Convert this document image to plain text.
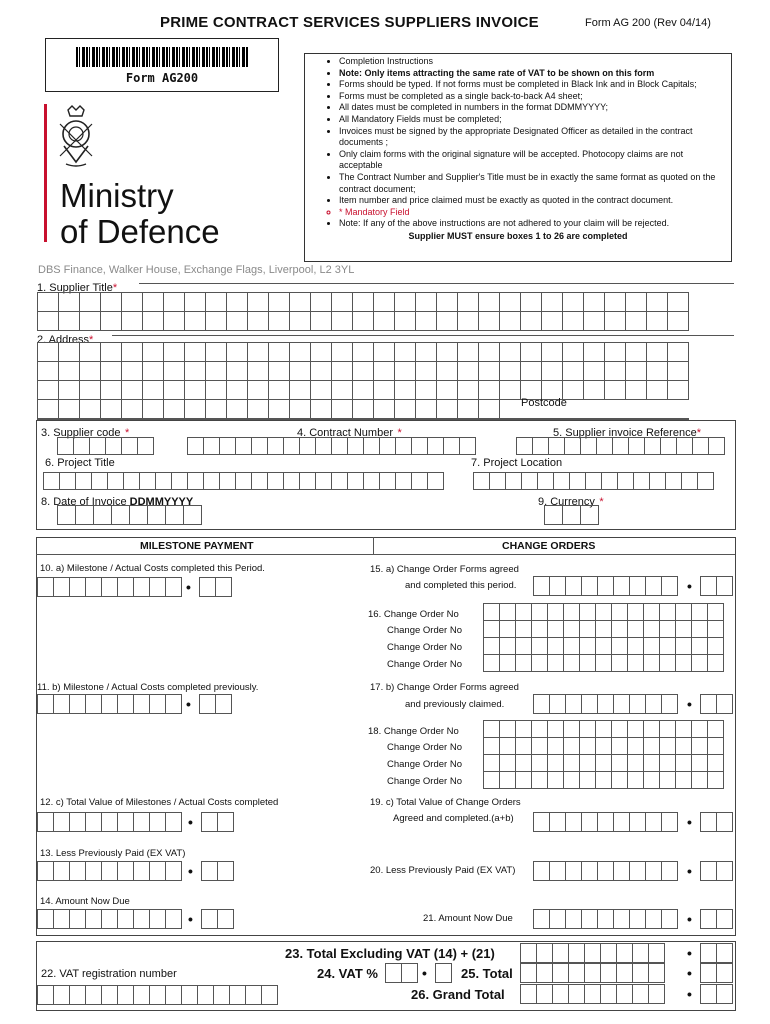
PRIME CONTRACT SERVICES SUPPLIERS INVOICE	Form AG 200 (Rev 04/14)
Form AG200
Ministry
of Defence
• Completion Instructions
• Note: Only items attracting the same rate of VAT to be shown on this form
• Forms should be typed. If not forms must be completed in Black Ink and in Block Capitals;
• Forms must be completed as a single back-to-back A4 sheet;
• All dates must be completed in numbers in the format DDMMYYYY;
• All Mandatory Fields must be completed;
• Invoices must be signed by the appropriate Designated Officer as detailed in the contract documents ;
• Only claim forms with the original signature will be accepted. Photocopy claims are not acceptable
• The Contract Number and Supplier's Title must be in exactly the same format as quoted on the contract document;
• Item number and price claimed must be exactly as quoted in the contract document.
◦ * Mandatory Field
• Note: If any of the above instructions are not adhered to your claim will be rejected.
Supplier MUST ensure boxes 1 to 26 are completed
DBS Finance, Walker House, Exchange Flags, Liverpool, L2 3YL
1. Supplier Title*
2. Address*
Postcode
3. Supplier code *	4. Contract Number *	5. Supplier invoice Reference*
6. Project Title	7. Project Location
8. Date of Invoice DDMMYYYY	9. Currency *
MILESTONE PAYMENT	CHANGE ORDERS
10. a) Milestone / Actual Costs completed this Period.
•
11. b) Milestone / Actual Costs completed previously.
•
12. c) Total Value of Milestones / Actual Costs completed
•
13. Less Previously Paid (EX VAT)
•
14. Amount Now Due
•
15. a) Change Order Forms agreed
and completed this period.	•
16. Change Order No
Change Order No
Change Order No
Change Order No
17. b) Change Order Forms agreed
and previously claimed.	•
18. Change Order No
Change Order No
Change Order No
Change Order No
19. c) Total Value of Change Orders
Agreed and completed.(a+b)	•
20. Less Previously Paid (EX VAT)	•
21. Amount Now Due	•
23. Total Excluding VAT (14) + (21)	•
22. VAT registration number	24. VAT %	•	25. Total	•
26. Grand Total	•
